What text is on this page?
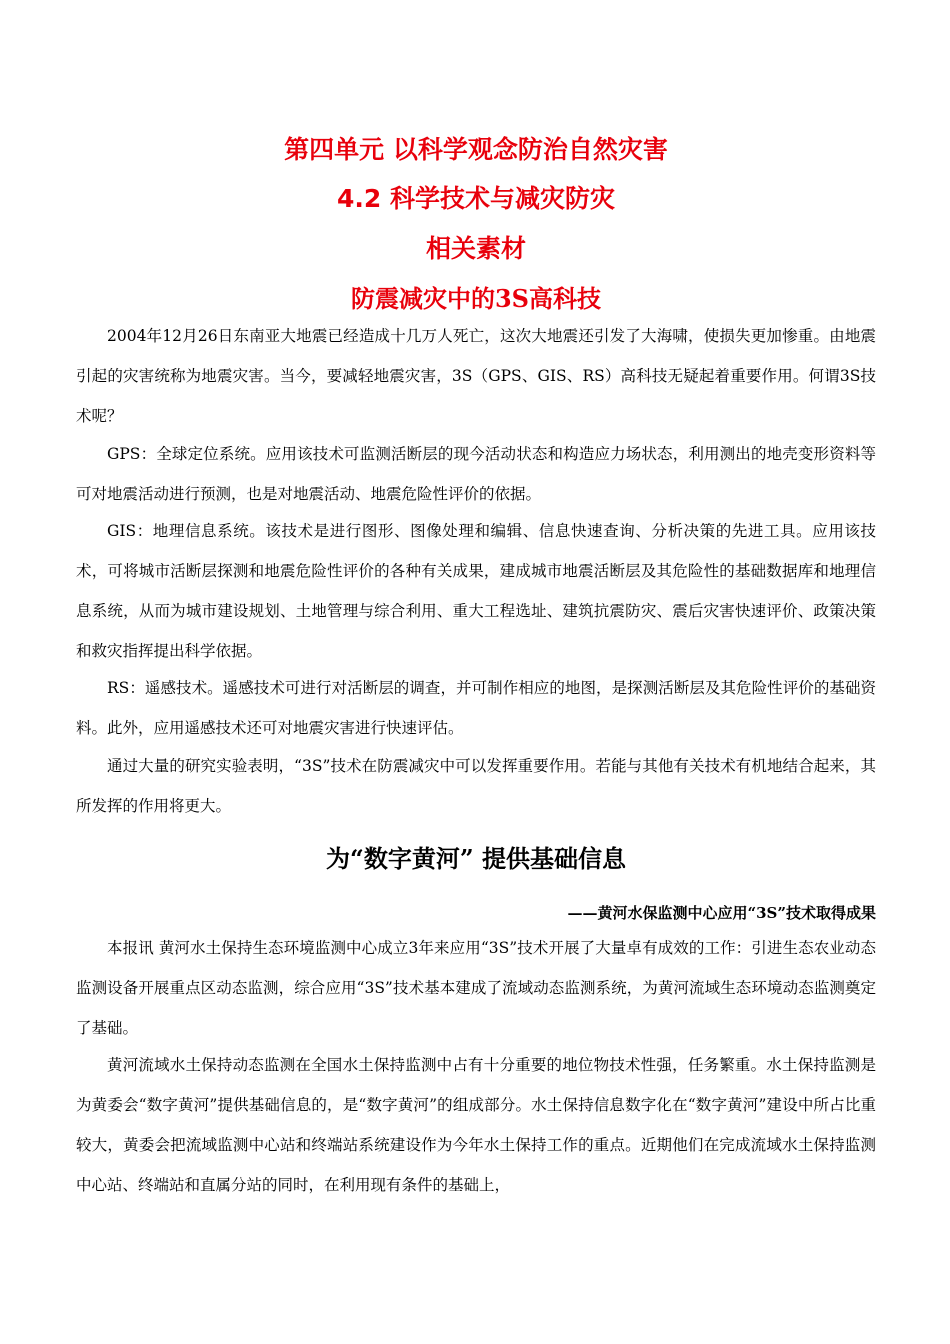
第四单元 以科学观念防治自然灾害
4.2 科学技术与减灾防灾
相关素材
防震减灾中的3S高科技
2004年12月26日东南亚大地震已经造成十几万人死亡，这次大地震还引发了大海啸，使损失更加惨重。由地震引起的灾害统称为地震灾害。当今，要减轻地震灾害，3S（GPS、GIS、RS）高科技无疑起着重要作用。何谓3S技术呢？
GPS：全球定位系统。应用该技术可监测活断层的现今活动状态和构造应力场状态，利用测出的地壳变形资料等可对地震活动进行预测，也是对地震活动、地震危险性评价的依据。
GIS：地理信息系统。该技术是进行图形、图像处理和编辑、信息快速查询、分析决策的先进工具。应用该技术，可将城市活断层探测和地震危险性评价的各种有关成果，建成城市地震活断层及其危险性的基础数据库和地理信息系统，从而为城市建设规划、土地管理与综合利用、重大工程选址、建筑抗震防灾、震后灾害快速评价、政策决策和救灾指挥提出科学依据。
RS：遥感技术。遥感技术可进行对活断层的调查，并可制作相应的地图，是探测活断层及其危险性评价的基础资料。此外，应用遥感技术还可对地震灾害进行快速评估。
通过大量的研究实验表明，“3S”技术在防震减灾中可以发挥重要作用。若能与其他有关技术有机地结合起来，其所发挥的作用将更大。
为“数字黄河” 提供基础信息
——黄河水保监测中心应用“3S”技术取得成果
本报讯 黄河水土保持生态环境监测中心成立3年来应用“3S”技术开展了大量卓有成效的工作：引进生态农业动态监测设备开展重点区动态监测，综合应用“3S”技术基本建成了流域动态监测系统，为黄河流域生态环境动态监测奠定了基础。
黄河流域水土保持动态监测在全国水土保持监测中占有十分重要的地位物技术性强，任务繁重。水土保持监测是为黄委会“数字黄河”提供基础信息的，是“数字黄河”的组成部分。水土保持信息数字化在“数字黄河”建设中所占比重较大，黄委会把流域监测中心站和终端站系统建设作为今年水土保持工作的重点。近期他们在完成流域水土保持监测中心站、终端站和直属分站的同时，在利用现有条件的基础上，
